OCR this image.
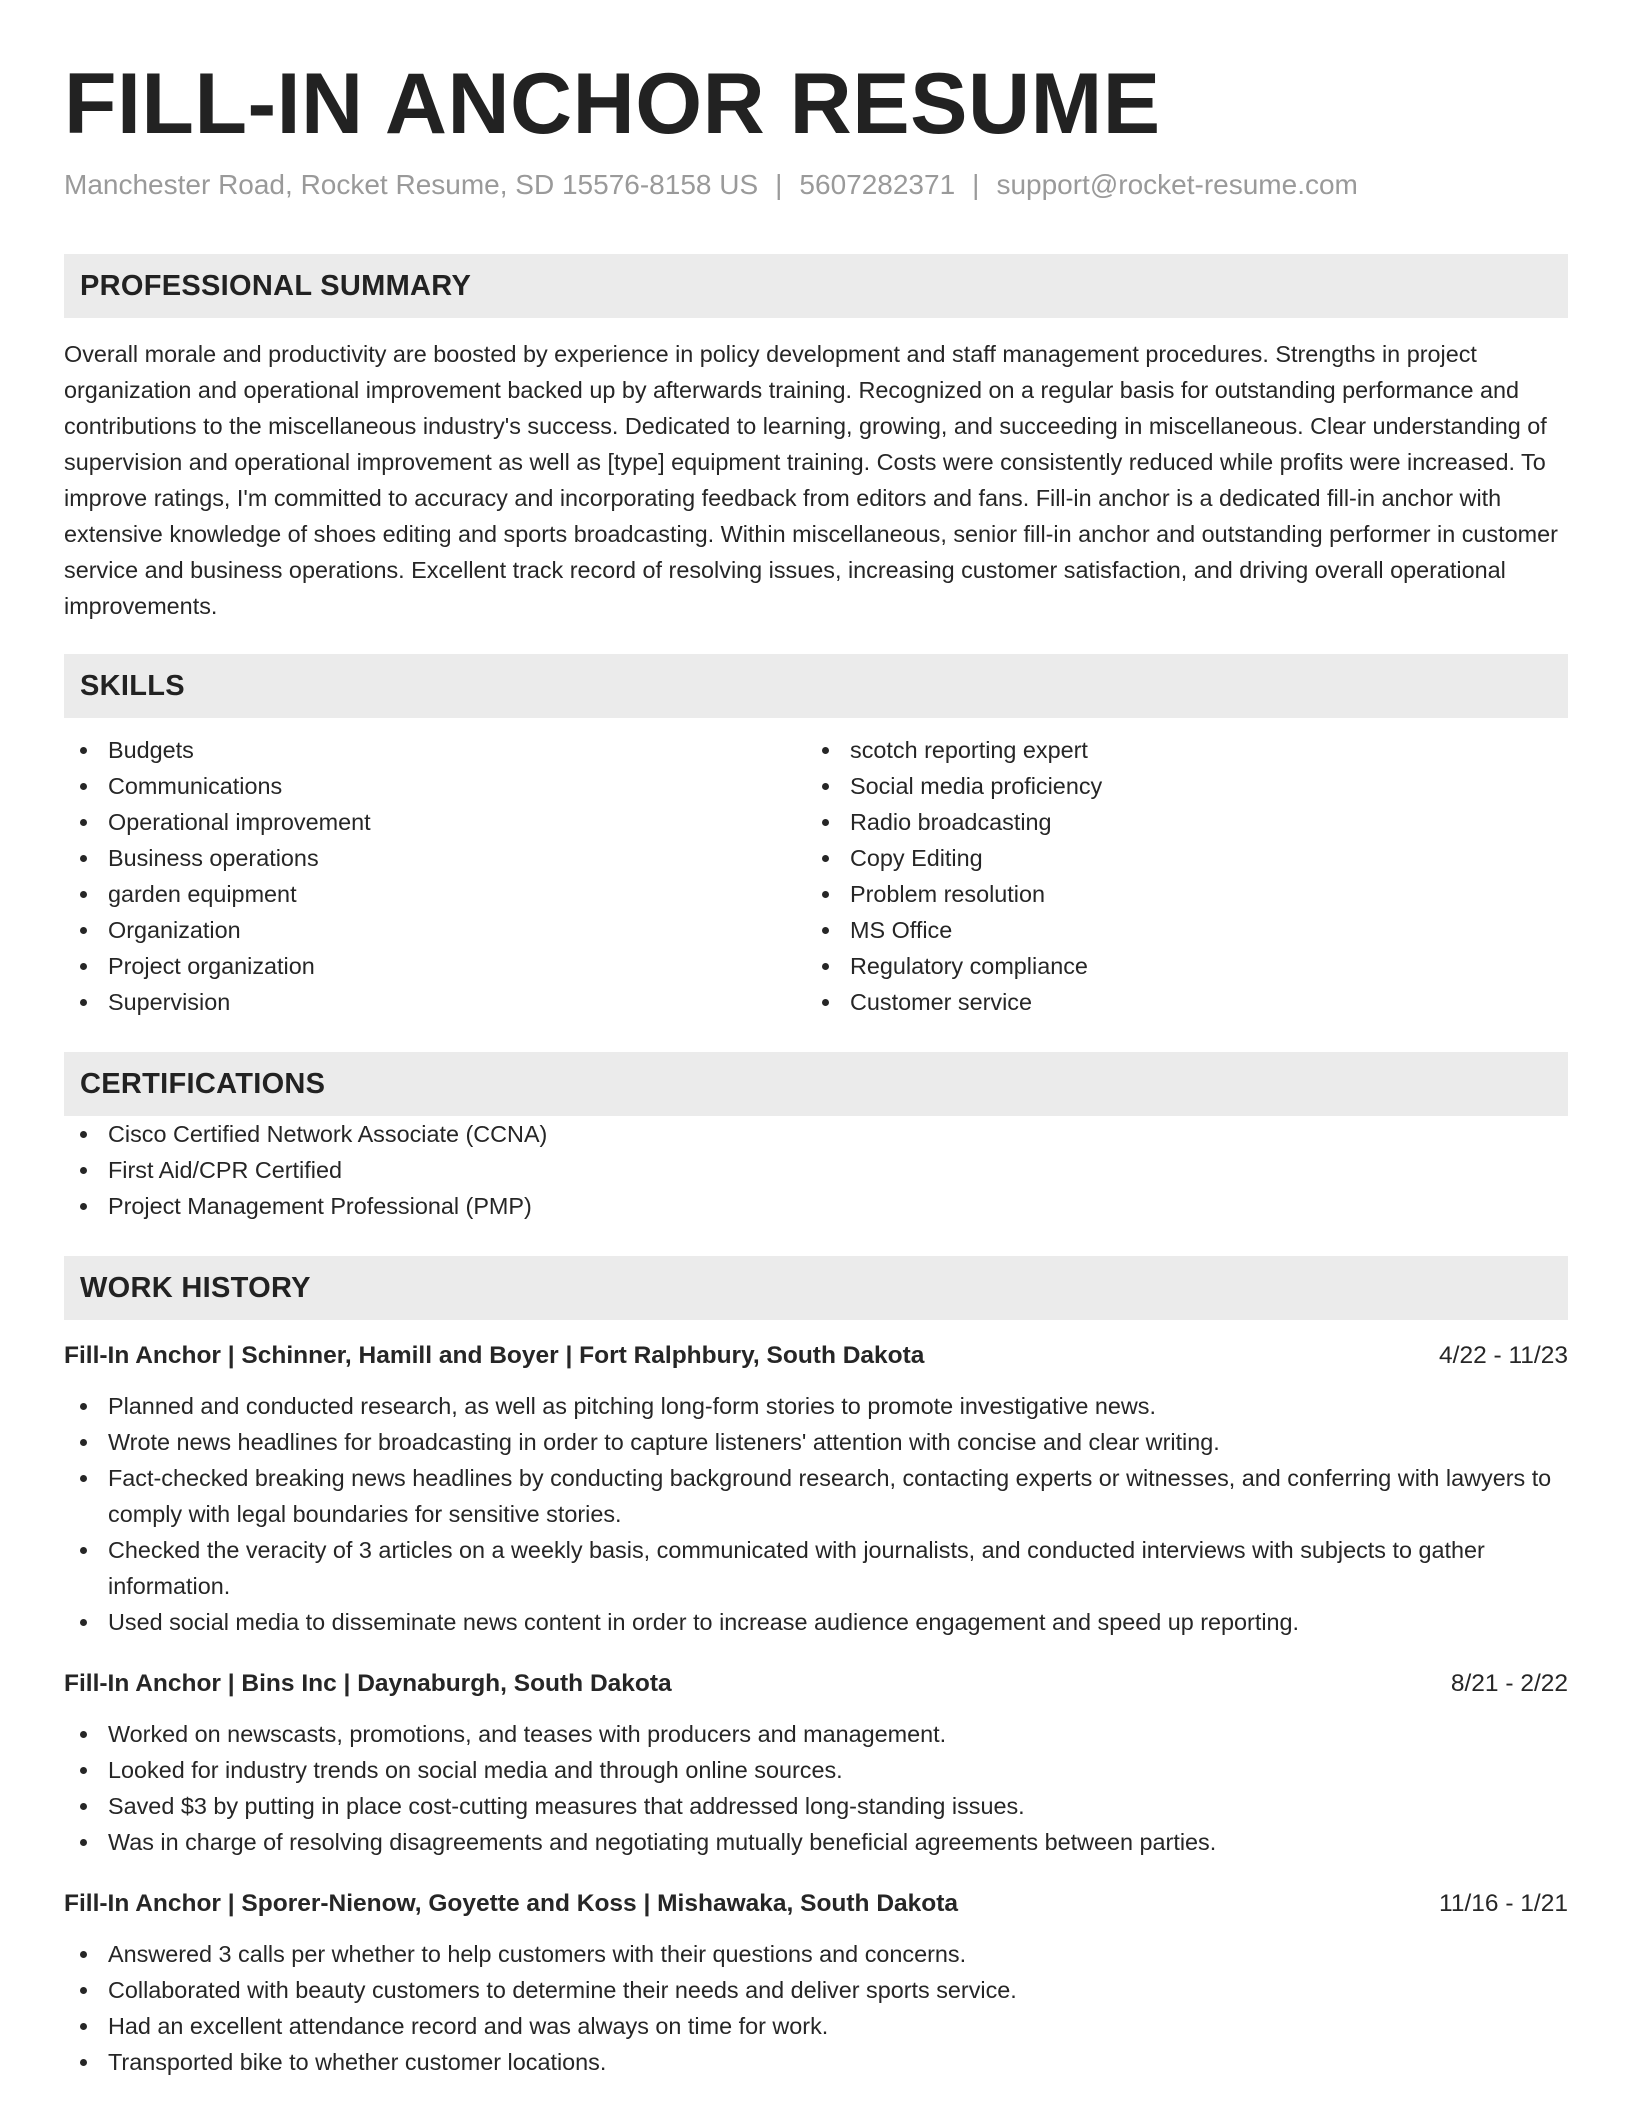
FILL-IN ANCHOR RESUME
Manchester Road, Rocket Resume, SD 15576-8158 US | 5607282371 | support@rocket-resume.com
PROFESSIONAL SUMMARY
Overall morale and productivity are boosted by experience in policy development and staff management procedures. Strengths in project organization and operational improvement backed up by afterwards training. Recognized on a regular basis for outstanding performance and contributions to the miscellaneous industry's success. Dedicated to learning, growing, and succeeding in miscellaneous. Clear understanding of supervision and operational improvement as well as [type] equipment training. Costs were consistently reduced while profits were increased. To improve ratings, I'm committed to accuracy and incorporating feedback from editors and fans. Fill-in anchor is a dedicated fill-in anchor with extensive knowledge of shoes editing and sports broadcasting. Within miscellaneous, senior fill-in anchor and outstanding performer in customer service and business operations. Excellent track record of resolving issues, increasing customer satisfaction, and driving overall operational improvements.
SKILLS
Budgets
Communications
Operational improvement
Business operations
garden equipment
Organization
Project organization
Supervision
scotch reporting expert
Social media proficiency
Radio broadcasting
Copy Editing
Problem resolution
MS Office
Regulatory compliance
Customer service
CERTIFICATIONS
Cisco Certified Network Associate (CCNA)
First Aid/CPR Certified
Project Management Professional (PMP)
WORK HISTORY
Fill-In Anchor | Schinner, Hamill and Boyer | Fort Ralphbury, South Dakota	4/22 - 11/23
Planned and conducted research, as well as pitching long-form stories to promote investigative news.
Wrote news headlines for broadcasting in order to capture listeners' attention with concise and clear writing.
Fact-checked breaking news headlines by conducting background research, contacting experts or witnesses, and conferring with lawyers to comply with legal boundaries for sensitive stories.
Checked the veracity of 3 articles on a weekly basis, communicated with journalists, and conducted interviews with subjects to gather information.
Used social media to disseminate news content in order to increase audience engagement and speed up reporting.
Fill-In Anchor | Bins Inc | Daynaburgh, South Dakota	8/21 - 2/22
Worked on newscasts, promotions, and teases with producers and management.
Looked for industry trends on social media and through online sources.
Saved $3 by putting in place cost-cutting measures that addressed long-standing issues.
Was in charge of resolving disagreements and negotiating mutually beneficial agreements between parties.
Fill-In Anchor | Sporer-Nienow, Goyette and Koss | Mishawaka, South Dakota	11/16 - 1/21
Answered 3 calls per whether to help customers with their questions and concerns.
Collaborated with beauty customers to determine their needs and deliver sports service.
Had an excellent attendance record and was always on time for work.
Transported bike to whether customer locations.
